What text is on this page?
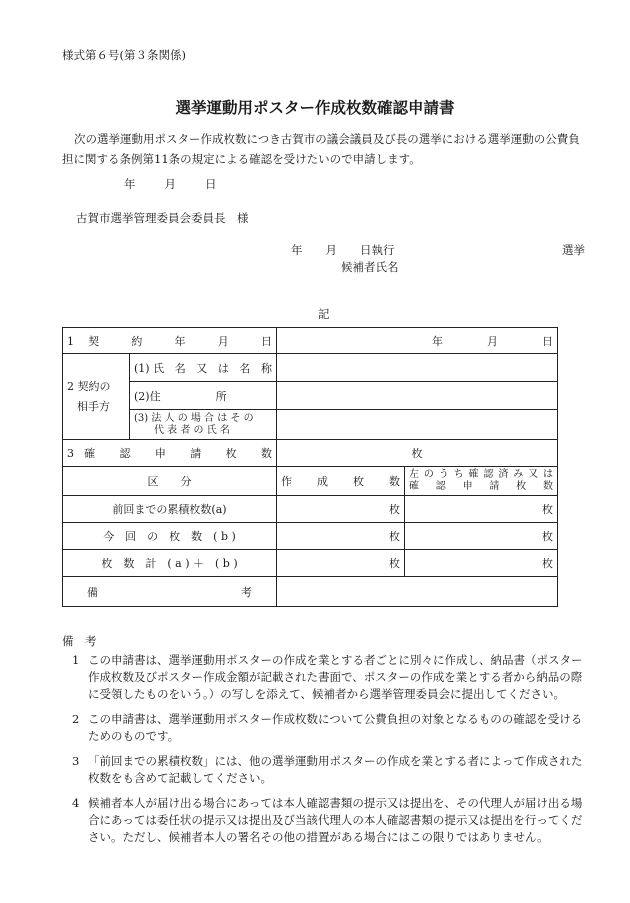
様式第６号(第３条関係)
選挙運動用ポスター作成枚数確認申請書
次の選挙運動用ポスター作成枚数につき古賀市の議会議員及び長の選挙における選挙運動の公費負担に関する条例第11条の規定による確認を受けたいので申請します。
年　　月　　日
古賀市選挙管理委員会委員長　様
年　　月　　日執行	選挙
候補者氏名
記
1 契　約　年　月　日		年　　　　月　　　　日	

2 契約の
相手方	(1)氏 名 又 は 名 称		
	(2)住　　　　　所		

	(3) 法 人 の 場 合 は そ の
代 表 者 の 氏 名		

3 確　認　申　請　枚　数		枚	
区　　分		作　成　枚　数	左 の う ち 確 認 済 み 又 は
確 認 申 請 枚 数

前回までの累積枚数(a)		枚	枚
今　回　の　枚　数　( b )		枚	枚
枚　数　計　( a ) ＋　( b )		枚	枚
備　　　　　考			
備　考
1 この申請書は、選挙運動用ポスターの作成を業とする者ごとに別々に作成し、納品書（ポスター作成枚数及びポスター作成金額が記載された書面で、ポスターの作成を業とする者から納品の際に受領したものをいう。）の写しを添えて、候補者から選挙管理委員会に提出してください。
2 この申請書は、選挙運動用ポスター作成枚数について公費負担の対象となるものの確認を受けるためのものです。
3 「前回までの累積枚数」には、他の選挙運動用ポスターの作成を業とする者によって作成された枚数をも含めて記載してください。
4 候補者本人が届け出る場合にあっては本人確認書類の提示又は提出を、その代理人が届け出る場合にあっては委任状の提示又は提出及び当該代理人の本人確認書類の提示又は提出を行ってください。ただし、候補者本人の署名その他の措置がある場合にはこの限りではありません。
